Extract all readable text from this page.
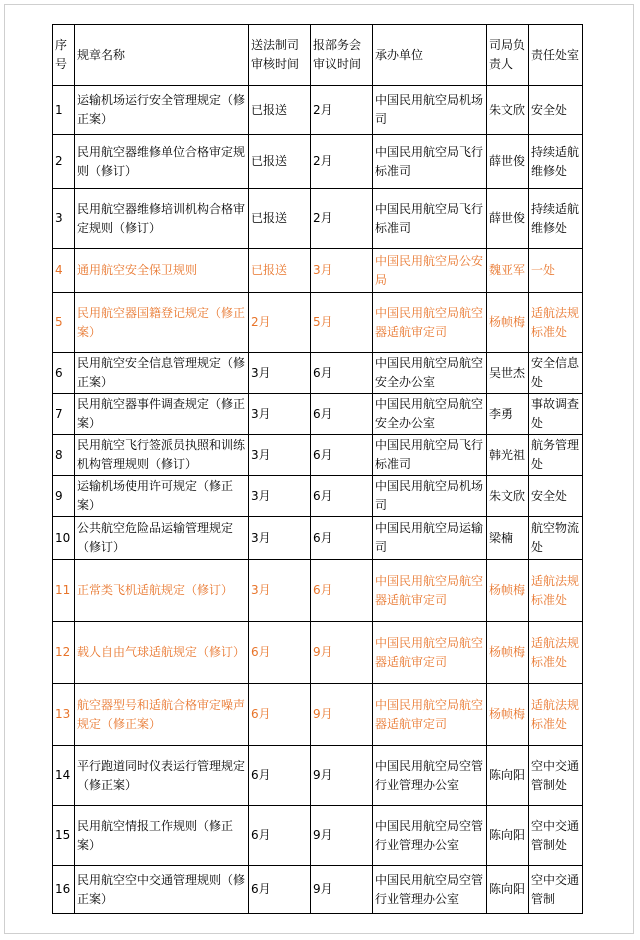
序号	规章名称	送法制司审核时间	报部务会审议时间	承办单位	司局负责人	责任处室
1	运输机场运行安全管理规定（修正案）	已报送	2月	中国民用航空局机场司	朱文欣	安全处
2	民用航空器维修单位合格审定规则（修订）	已报送	2月	中国民用航空局飞行标准司	薛世俊	持续适航维修处
3	民用航空器维修培训机构合格审定规则（修订）	已报送	2月	中国民用航空局飞行标准司	薛世俊	持续适航维修处
4	通用航空安全保卫规则	已报送	3月	中国民用航空局公安局	魏亚军	一处
5	民用航空器国籍登记规定（修正案）	2月	5月	中国民用航空局航空器适航审定司	杨帧梅	适航法规标准处
6	民用航空安全信息管理规定（修正案）	3月	6月	中国民用航空局航空安全办公室	吴世杰	安全信息处
7	民用航空器事件调查规定（修正案）	3月	6月	中国民用航空局航空安全办公室	李勇	事故调查处
8	民用航空飞行签派员执照和训练机构管理规则（修订）	3月	6月	中国民用航空局飞行标准司	韩光祖	航务管理处
9	运输机场使用许可规定（修正案）	3月	6月	中国民用航空局机场司	朱文欣	安全处
10	公共航空危险品运输管理规定（修订）	3月	6月	中国民用航空局运输司	梁楠	航空物流处
11	正常类飞机适航规定（修订）	3月	6月	中国民用航空局航空器适航审定司	杨帧梅	适航法规标准处
12	载人自由气球适航规定（修订）	6月	9月	中国民用航空局航空器适航审定司	杨帧梅	适航法规标准处
13	航空器型号和适航合格审定噪声规定（修正案）	6月	9月	中国民用航空局航空器适航审定司	杨帧梅	适航法规标准处
14	平行跑道同时仪表运行管理规定（修正案）	6月	9月	中国民用航空局空管行业管理办公室	陈向阳	空中交通管制处
15	民用航空情报工作规则（修正案）	6月	9月	中国民用航空局空管行业管理办公室	陈向阳	空中交通管制处
16	民用航空空中交通管理规则（修正案）	6月	9月	中国民用航空局空管行业管理办公室	陈向阳	空中交通管制
